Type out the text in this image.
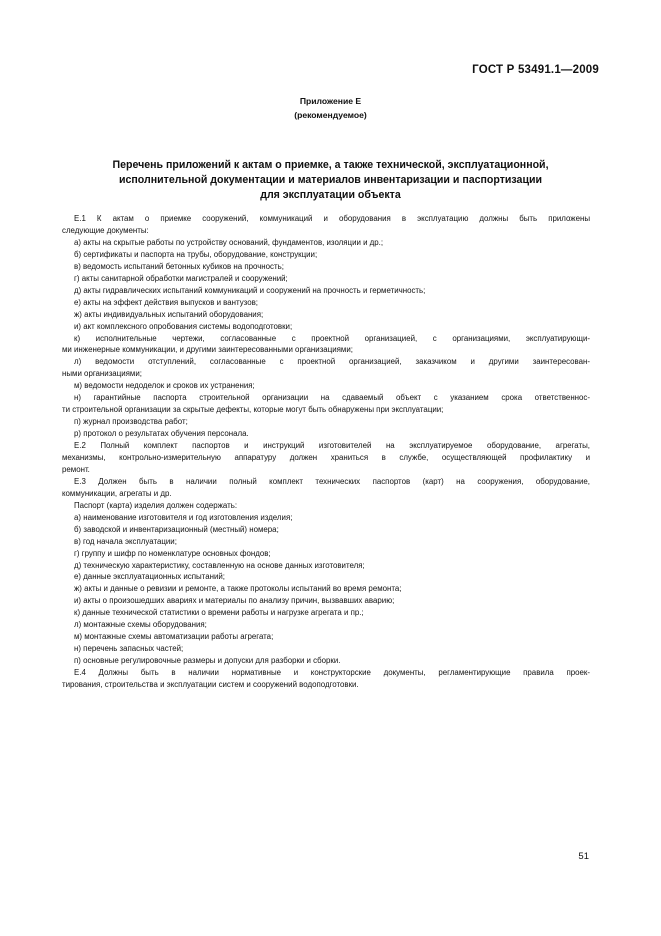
ГОСТ Р 53491.1—2009
Приложение Е
(рекомендуемое)
Перечень приложений к актам о приемке, а также технической, эксплуатационной,
исполнительной документации и материалов инвентаризации и паспортизации
для эксплуатации объекта
Е.1 К актам о приемке сооружений, коммуникаций и оборудования в эксплуатацию должны быть приложены
следующие документы:
а) акты на скрытые работы по устройству оснований, фундаментов, изоляции и др.;
б) сертификаты и паспорта на трубы, оборудование, конструкции;
в) ведомость испытаний бетонных кубиков на прочность;
г) акты санитарной обработки магистралей и сооружений;
д) акты гидравлических испытаний коммуникаций и сооружений на прочность и герметичность;
е) акты на эффект действия выпусков и вантузов;
ж) акты индивидуальных испытаний оборудования;
и) акт комплексного опробования системы водоподготовки;
к) исполнительные чертежи, согласованные с проектной организацией, с организациями, эксплуатирующи-
ми инженерные коммуникации, и другими заинтересованными организациями;
л) ведомости отступлений, согласованные с проектной организацией, заказчиком и другими заинтересован-
ными организациями;
м) ведомости недоделок и сроков их устранения;
н) гарантийные паспорта строительной организации на сдаваемый объект с указанием срока ответственнос-
ти строительной организации за скрытые дефекты, которые могут быть обнаружены при эксплуатации;
п) журнал производства работ;
р) протокол о результатах обучения персонала.
Е.2 Полный комплект паспортов и инструкций изготовителей на эксплуатируемое оборудование, агрегаты,
механизмы, контрольно-измерительную аппаратуру должен храниться в службе, осуществляющей профилактику и
ремонт.
Е.3 Должен быть в наличии полный комплект технических паспортов (карт) на сооружения, оборудование,
коммуникации, агрегаты и др.
Паспорт (карта) изделия должен содержать:
а) наименование изготовителя и год изготовления изделия;
б) заводской и инвентаризационный (местный) номера;
в) год начала эксплуатации;
г) группу и шифр по номенклатуре основных фондов;
д) техническую характеристику, составленную на основе данных изготовителя;
е) данные эксплуатационных испытаний;
ж) акты и данные о ревизии и ремонте, а также протоколы испытаний во время ремонта;
и) акты о произошедших авариях и материалы по анализу причин, вызвавших аварию;
к) данные технической статистики о времени работы и нагрузке агрегата и пр.;
л) монтажные схемы оборудования;
м) монтажные схемы автоматизации работы агрегата;
н) перечень запасных частей;
п) основные регулировочные размеры и допуски для разборки и сборки.
Е.4 Должны быть в наличии нормативные и конструкторские документы, регламентирующие правила проек-
тирования, строительства и эксплуатации систем и сооружений водоподготовки.
51
